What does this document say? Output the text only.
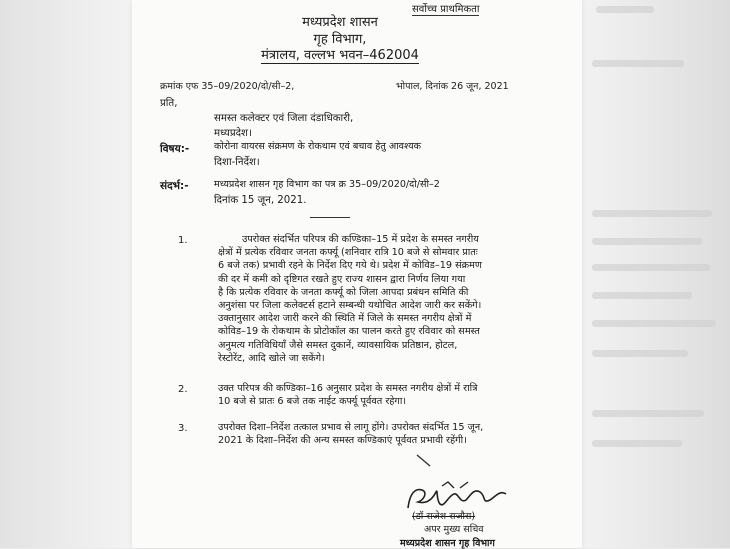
सर्वोच्च प्राथमिकता
मध्यप्रदेश शासन
गृह विभाग,
मंत्रालय, वल्लभ भवन–462004
क्रमांक एफ 35–09/2020/दो/सी–2,	भोपाल, दिनांक 26 जून, 2021
प्रति,
समस्त कलेक्टर एवं जिला दंडाधिकारी,
मध्यप्रदेश।
विषय:-	कोरोना वायरस संक्रमण के रोकथाम एवं बचाव हेतु आवश्यक
दिशा-निर्देश।
संदर्भ:-	मध्यप्रदेश शासन गृह विभाग का पत्र क्र 35–09/2020/दो/सी–2
दिनांक 15 जून, 2021.
1.	उपरोक्त संदर्भित परिपत्र की कण्डिका–15 में प्रदेश के समस्त नगरीय
क्षेत्रों में प्रत्येक रविवार जनता कर्फ्यू (शनिवार रात्रि 10 बजे से सोमवार प्रातः
6 बजे तक) प्रभावी रहने के निर्देश दिए गये थे। प्रदेश में कोविड–19 संक्रमण
की दर में कमी को दृष्टिगत रखते हुए राज्य शासन द्वारा निर्णय लिया गया
है कि प्रत्येक रविवार के जनता कर्फ्यू को जिला आपदा प्रबंधन समिति की
अनुशंसा पर जिला कलेक्टर्स हटाने सम्बन्धी यथोचित आदेश जारी कर सकेंगे।
उक्तानुसार आदेश जारी करने की स्थिति में जिले के समस्त नगरीय क्षेत्रों में
कोविड–19 के रोकथाम के प्रोटोकॉल का पालन करते हुए रविवार को समस्त
अनुमत्य गतिविधियाँ जैसे समस्त दुकानें, व्यावसायिक प्रतिष्ठान, होटल,
रेस्टोरेंट, आदि खोले जा सकेंगे।
2.	उक्त परिपत्र की कण्डिका–16 अनुसार प्रदेश के समस्त नगरीय क्षेत्रों में रात्रि
10 बजे से प्रातः 6 बजे तक नाईट कर्फ्यू पूर्ववत रहेगा।
3.	उपरोक्त दिशा–निर्देश तत्काल प्रभाव से लागू होंगे। उपरोक्त संदर्भित 15 जून,
2021 के दिशा–निर्देश की अन्य समस्त कण्डिकाएं पूर्ववत प्रभावी रहेंगी।
(डॉ राजेश राजौरा)
अपर मुख्य सचिव
मध्यप्रदेश शासन गृह विभाग
